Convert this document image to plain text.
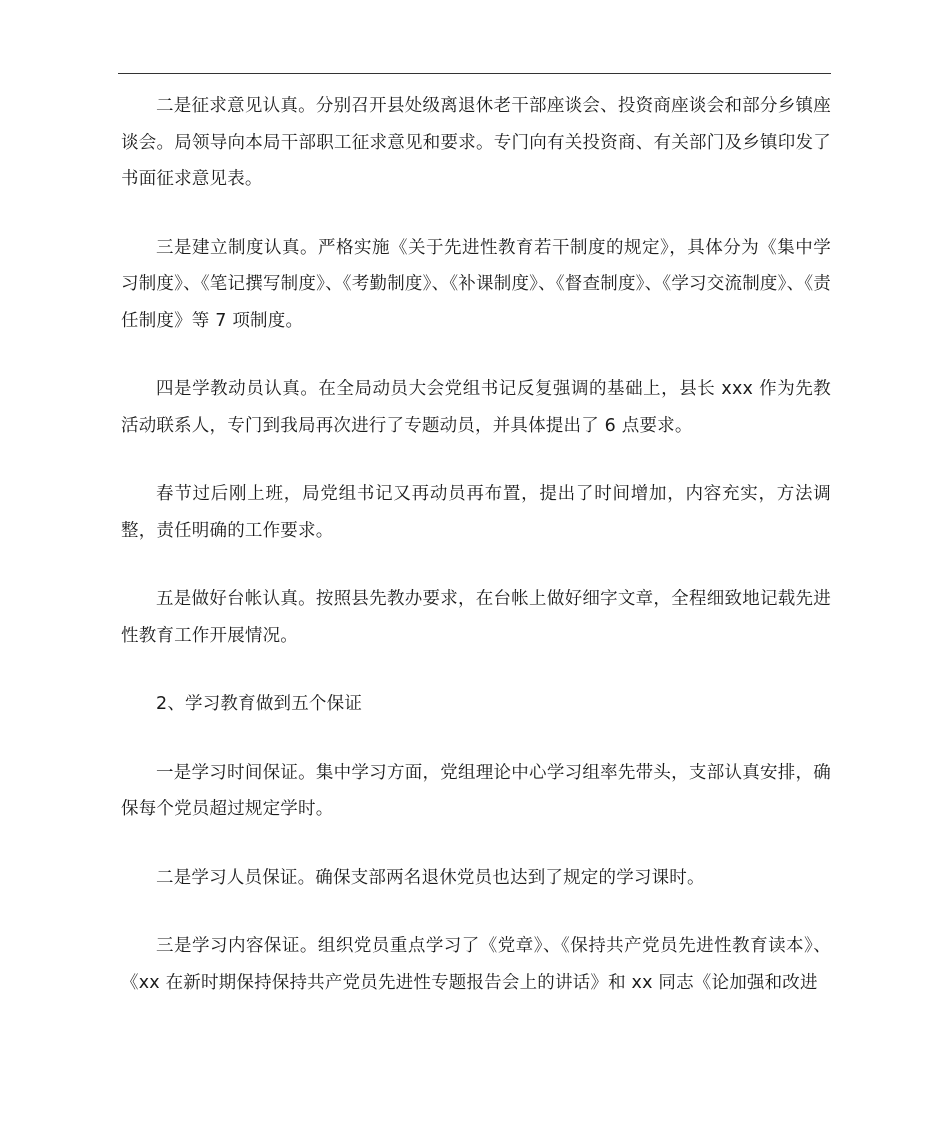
二是征求意见认真。分别召开县处级离退休老干部座谈会、投资商座谈会和部分乡镇座谈会。局领导向本局干部职工征求意见和要求。专门向有关投资商、有关部门及乡镇印发了书面征求意见表。

三是建立制度认真。严格实施《关于先进性教育若干制度的规定》，具体分为《集中学习制度》、《笔记撰写制度》、《考勤制度》、《补课制度》、《督查制度》、《学习交流制度》、《责任制度》等 7 项制度。

四是学教动员认真。在全局动员大会党组书记反复强调的基础上，县长 xxx 作为先教活动联系人，专门到我局再次进行了专题动员，并具体提出了 6 点要求。

春节过后刚上班，局党组书记又再动员再布置，提出了时间增加，内容充实，方法调整，责任明确的工作要求。

五是做好台帐认真。按照县先教办要求，在台帐上做好细字文章，全程细致地记载先进性教育工作开展情况。

2、学习教育做到五个保证

一是学习时间保证。集中学习方面，党组理论中心学习组率先带头，支部认真安排，确保每个党员超过规定学时。

二是学习人员保证。确保支部两名退休党员也达到了规定的学习课时。

三是学习内容保证。组织党员重点学习了《党章》、《保持共产党员先进性教育读本》、《xx 在新时期保持保持共产党员先进性专题报告会上的讲话》和 xx 同志《论加强和改进
